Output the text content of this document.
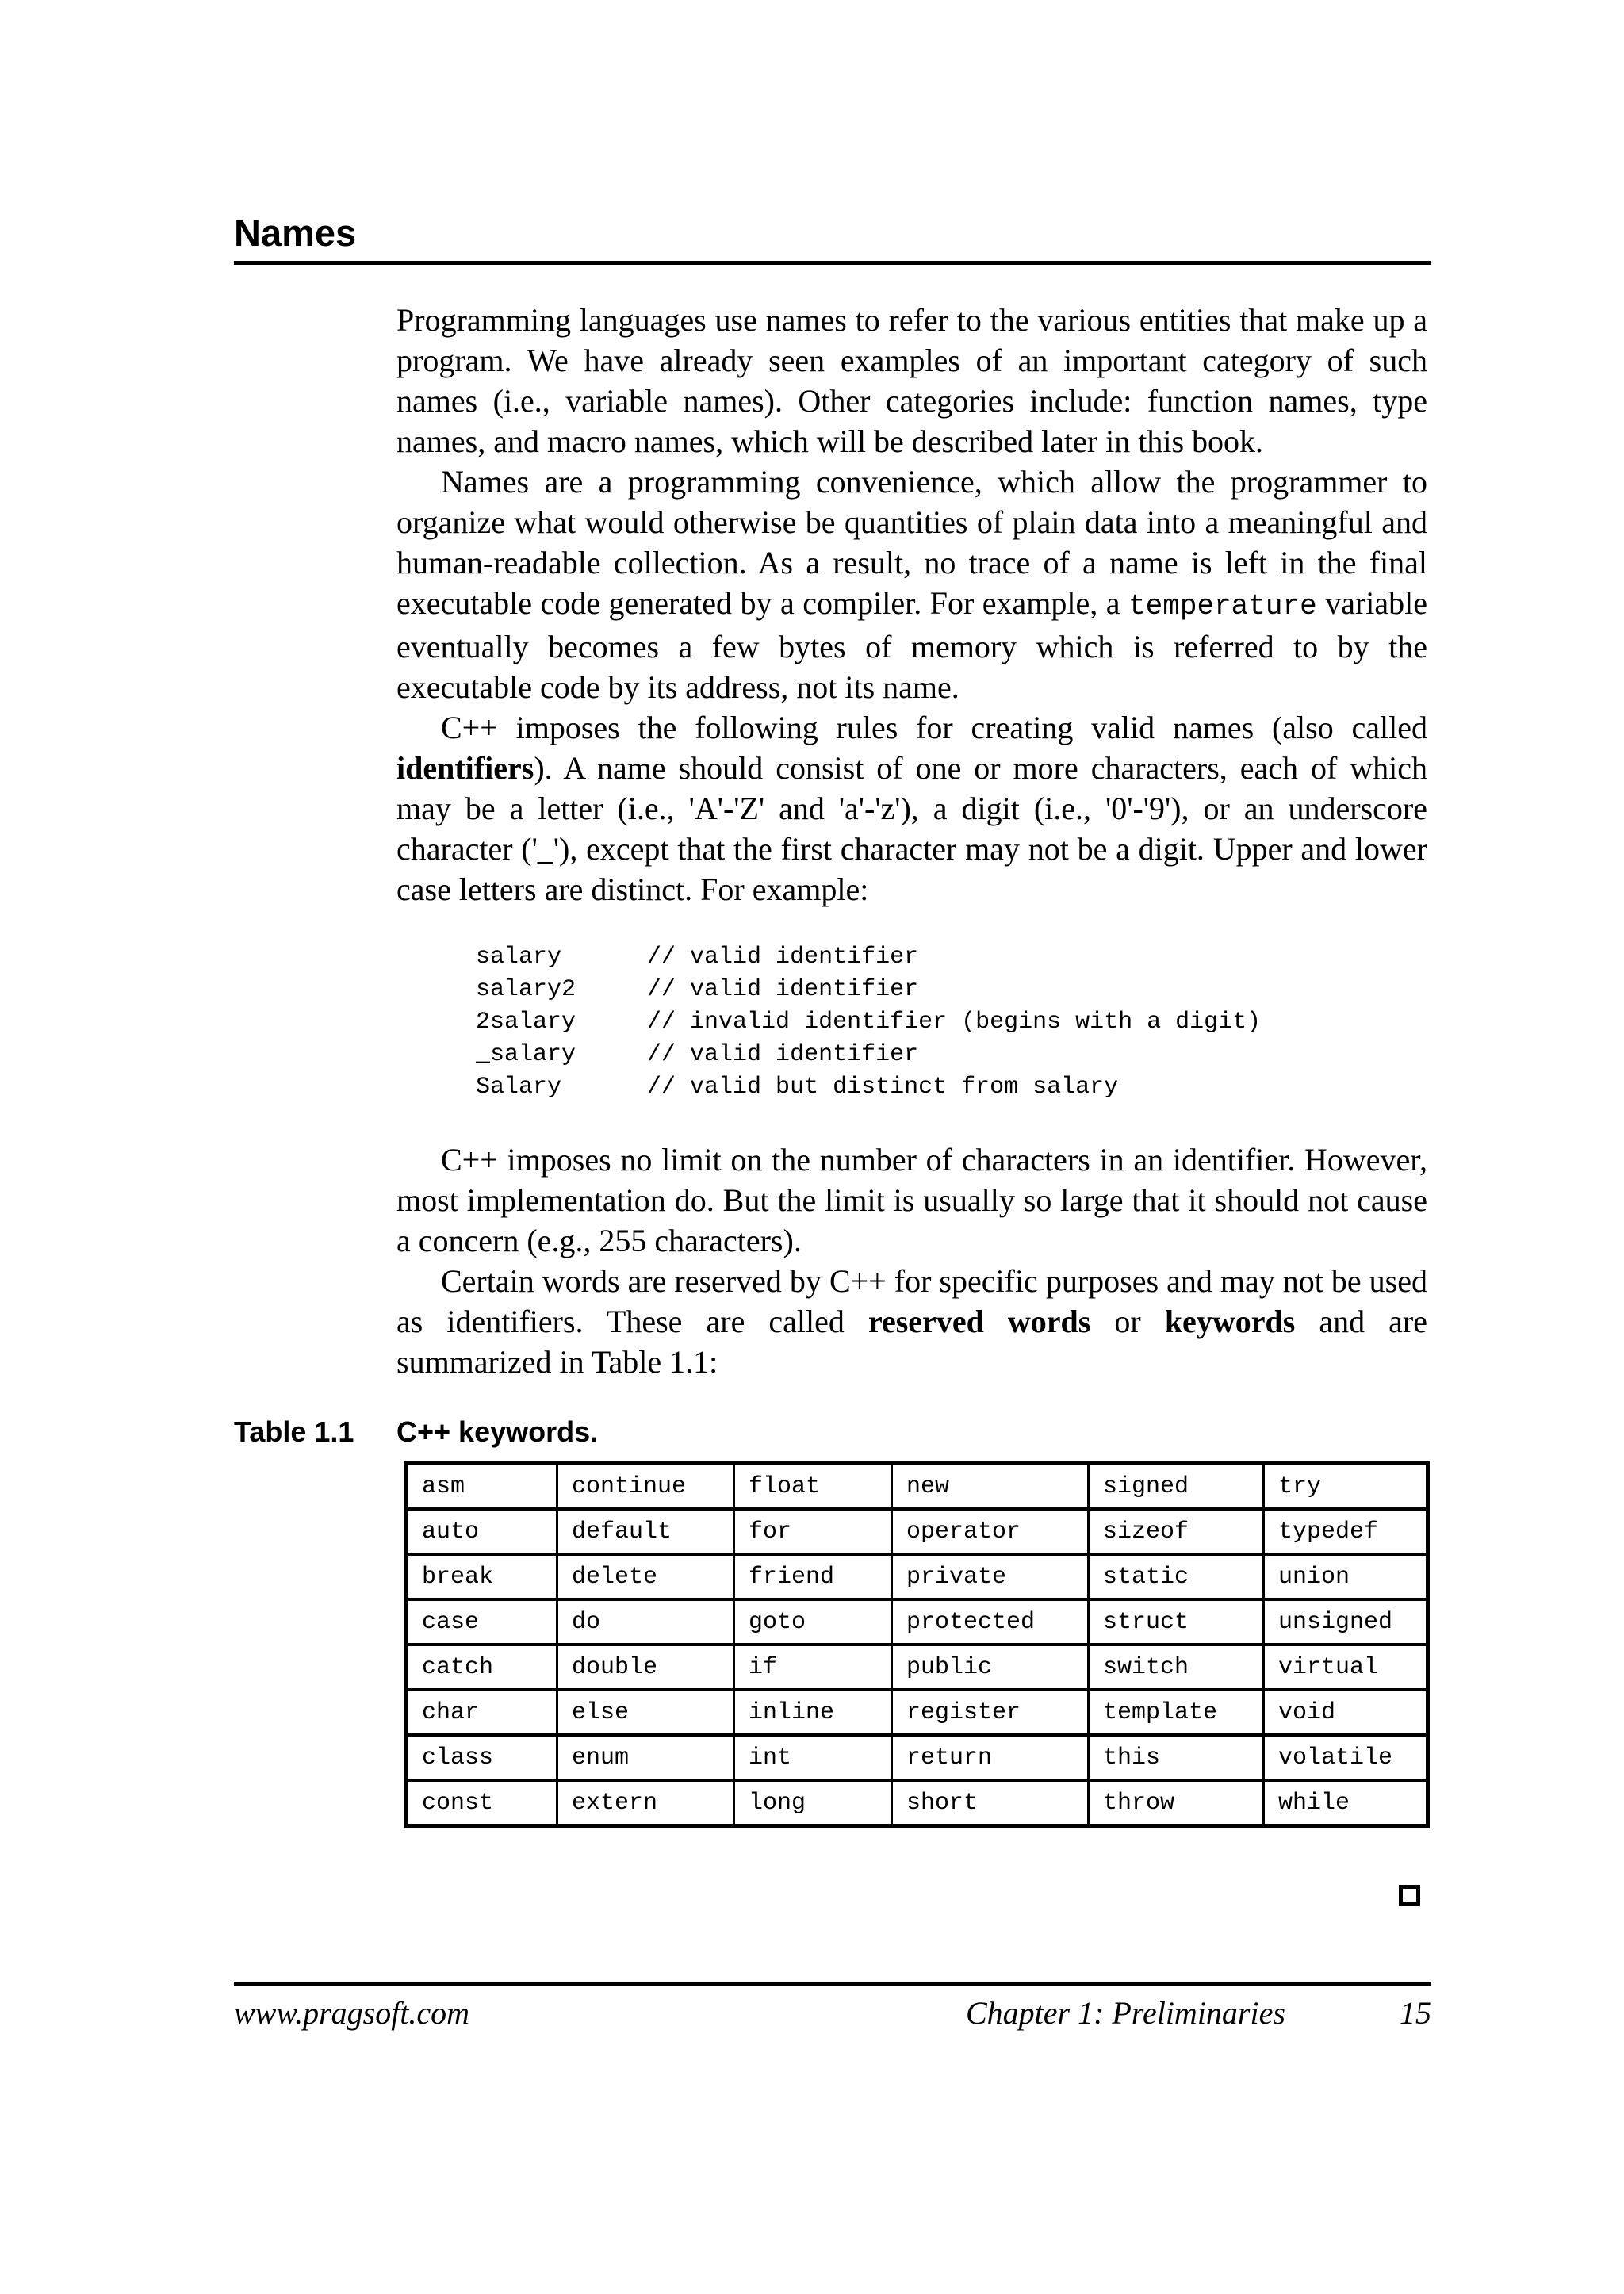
Names

Programming languages use names to refer to the various entities that make up a program. We have already seen examples of an important category of such names (i.e., variable names). Other categories include: function names, type names, and macro names, which will be described later in this book.

Names are a programming convenience, which allow the programmer to organize what would otherwise be quantities of plain data into a meaningful and human-readable collection. As a result, no trace of a name is left in the final executable code generated by a compiler. For example, a temperature variable eventually becomes a few bytes of memory which is referred to by the executable code by its address, not its name.

C++ imposes the following rules for creating valid names (also called identifiers). A name should consist of one or more characters, each of which may be a letter (i.e., 'A'-'Z' and 'a'-'z'), a digit (i.e., '0'-'9'), or an underscore character ('_'), except that the first character may not be a digit. Upper and lower case letters are distinct. For example:

salary      // valid identifier
salary2     // valid identifier
2salary     // invalid identifier (begins with a digit)
_salary     // valid identifier
Salary      // valid but distinct from salary

C++ imposes no limit on the number of characters in an identifier. However, most implementation do. But the limit is usually so large that it should not cause a concern (e.g., 255 characters).

Certain words are reserved by C++ for specific purposes and may not be used as identifiers. These are called reserved words or keywords and are summarized in Table 1.1:

Table 1.1 C++ keywords.
asm	continue	float	new	signed	try
auto	default	for	operator	sizeof	typedef
break	delete	friend	private	static	union
case	do	goto	protected	struct	unsigned
catch	double	if	public	switch	virtual
char	else	inline	register	template	void
class	enum	int	return	this	volatile
const	extern	long	short	throw	while
www.pragsoft.com	Chapter 1: Preliminaries	15
